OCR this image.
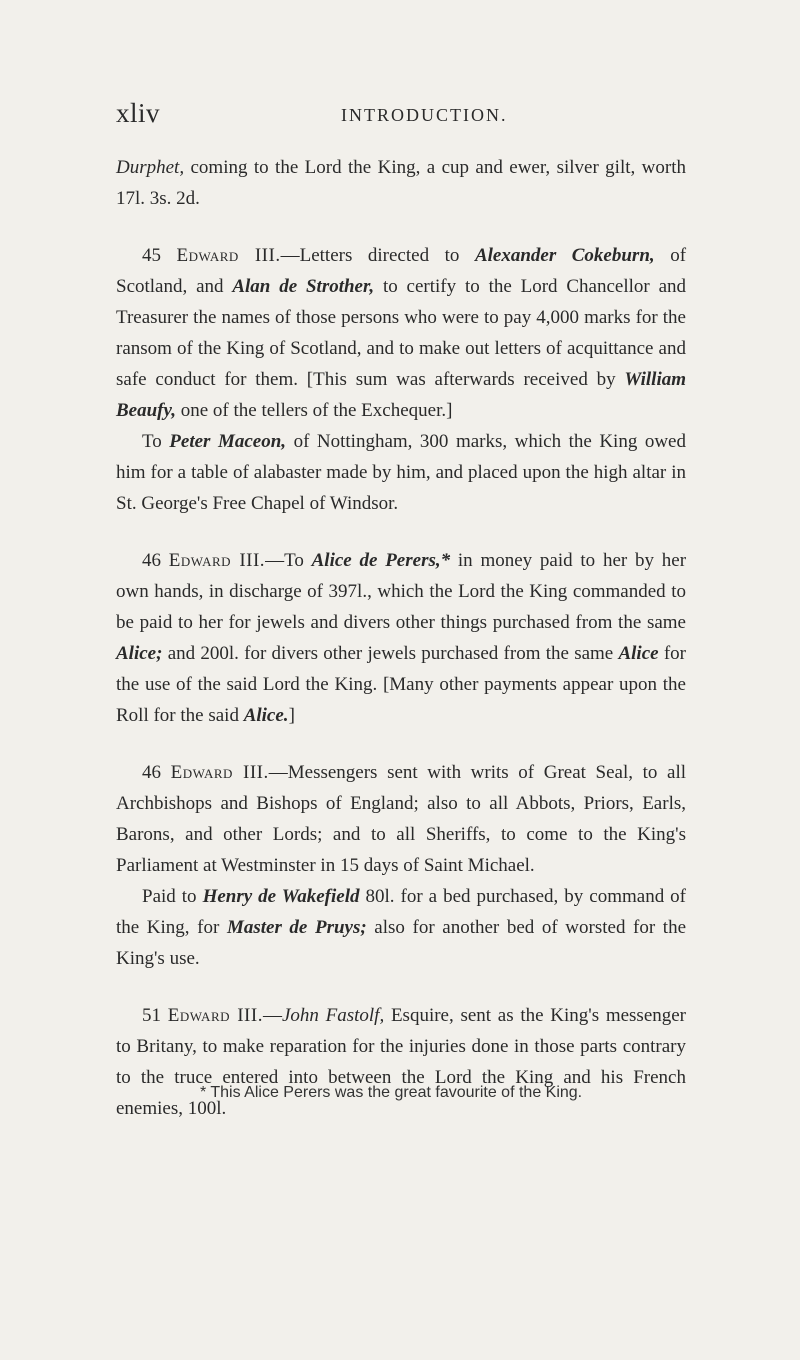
xliv	INTRODUCTION.

Durphet, coming to the Lord the King, a cup and ewer, silver gilt, worth 17l. 3s. 2d.

45 Edward III.—Letters directed to Alexander Cokeburn, of Scotland, and Alan de Strother, to certify to the Lord Chancellor and Treasurer the names of those persons who were to pay 4,000 marks for the ransom of the King of Scotland, and to make out letters of acquittance and safe conduct for them. [This sum was afterwards received by William Beaufy, one of the tellers of the Exchequer.]

To Peter Maceon, of Nottingham, 300 marks, which the King owed him for a table of alabaster made by him, and placed upon the high altar in St. George's Free Chapel of Windsor.

46 Edward III.—To Alice de Perers,* in money paid to her by her own hands, in discharge of 397l., which the Lord the King commanded to be paid to her for jewels and divers other things purchased from the same Alice; and 200l. for divers other jewels purchased from the same Alice for the use of the said Lord the King. [Many other payments appear upon the Roll for the said Alice.]

46 Edward III.—Messengers sent with writs of Great Seal, to all Archbishops and Bishops of England; also to all Abbots, Priors, Earls, Barons, and other Lords; and to all Sheriffs, to come to the King's Parliament at Westminster in 15 days of Saint Michael.

Paid to Henry de Wakefield 80l. for a bed purchased, by command of the King, for Master de Pruys; also for another bed of worsted for the King's use.

51 Edward III.—John Fastolf, Esquire, sent as the King's messenger to Britany, to make reparation for the injuries done in those parts contrary to the truce entered into between the Lord the King and his French enemies, 100l.

* This Alice Perers was the great favourite of the King.
